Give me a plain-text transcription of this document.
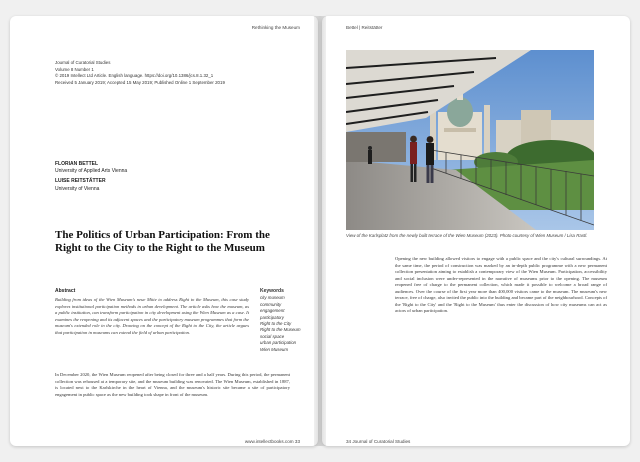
Rethinking the Museum
Journal of Curatorial Studies
Volume 8 Number 1
© 2019 Intellect Ltd Article. English language. https://doi.org/10.1386/jcs.8.1.32_1
Received 5 January 2019; Accepted 15 May 2019; Published Online 1 September 2019
FLORIAN BETTEL
University of Applied Arts Vienna
LUISE REITSTÄTTER
University of Vienna
The Politics of Urban Participation: From the Right to the City to the Right to the Museum
Abstract
Building from ideas of the Wien Museum's neue Mitte to address Right to the Museum, this case study explores institutional participation methods in urban development. The article asks how the museum, as a public institution, can transform participation in city development using the Wien Museum as a case. It examines the reopening and its adjacent spaces and the participatory museum programmes that form the museum's extended role in the city. Drawing on the concept of the Right to the City, the article argues that participation in museums can extend the field of urban participation.
Keywords
city museum
community
engagement
participatory
Right to the City
Right to the Museum
social space
urban participation
Wien Museum
In December 2020, the Wien Museum reopened after being closed for three and a half years. During this period, the permanent collection was rehoused at a temporary site, and the museum building was renovated. The Wien Museum, established in 1887, is located next to the Karlskirche in the heart of Vienna, and the museum's historic site became a site of participatory engagement in public space as the new building took shape in front of the museum.
www.intellectbooks.com 33
Bettel | Reitstätter
View of the Karlsplatz from the newly built terrace of the Wien Museum (2023). Photo courtesy of Wien Museum / Lisa Rastl.
Opening the new building allowed visitors to engage with a public space and the city's cultural surroundings. At the same time, the period of construction was marked by an in-depth public programme with a new permanent collection presentation aiming to establish a contemporary view of the Wien Museum. Participation, accessibility and social inclusion were under-represented in the narrative of museums prior to the opening. The museum reopened free of charge to the permanent collection, which made it possible to welcome a broad range of audiences. Over the course of the first year more than 400,000 visitors came to the museum. The museum's new terrace, free of charge, also invited the public into the building and became part of the neighbourhood. Concepts of the 'Right to the City' and the 'Right to the Museum' thus enter the discussion of how city museums can act as actors of urban participation.
34 Journal of Curatorial Studies
